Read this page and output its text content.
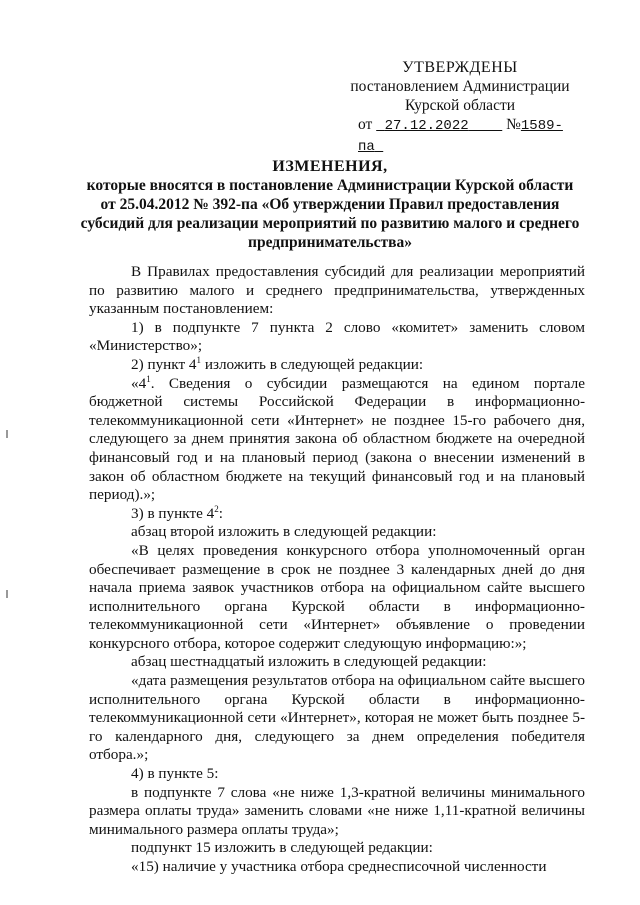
УТВЕРЖДЕНЫ
постановлением Администрации
Курской области
от 27.12.2022 №1589-па
ИЗМЕНЕНИЯ,
которые вносятся в постановление Администрации Курской области
от 25.04.2012 № 392-па «Об утверждении Правил предоставления
субсидий для реализации мероприятий по развитию малого и среднего
предпринимательства»

В Правилах предоставления субсидий для реализации мероприятий по развитию малого и среднего предпринимательства, утвержденных указанным постановлением:

1) в подпункте 7 пункта 2 слово «комитет» заменить словом «Министерство»;

2) пункт $4^1$ изложить в следующей редакции:

«$4^1$. Сведения о субсидии размещаются на едином портале бюджетной системы Российской Федерации в информационно-телекоммуникационной сети «Интернет» не позднее 15-го рабочего дня, следующего за днем принятия закона об областном бюджете на очередной финансовый год и на плановый период (закона о внесении изменений в закон об областном бюджете на текущий финансовый год и на плановый период).»;

3) в пункте $4^2$:

абзац второй изложить в следующей редакции:

«В целях проведения конкурсного отбора уполномоченный орган обеспечивает размещение в срок не позднее 3 календарных дней до дня начала приема заявок участников отбора на официальном сайте высшего исполнительного органа Курской области в информационно-телекоммуникационной сети «Интернет» объявление о проведении конкурсного отбора, которое содержит следующую информацию:»;

абзац шестнадцатый изложить в следующей редакции:

«дата размещения результатов отбора на официальном сайте высшего исполнительного органа Курской области в информационно-телекоммуникационной сети «Интернет», которая не может быть позднее 5-го календарного дня, следующего за днем определения победителя отбора.»;

4) в пункте 5:

в подпункте 7 слова «не ниже 1,3-кратной величины минимального размера оплаты труда» заменить словами «не ниже 1,11-кратной величины минимального размера оплаты труда»;

подпункт 15 изложить в следующей редакции:

«15) наличие у участника отбора среднесписочной численности
